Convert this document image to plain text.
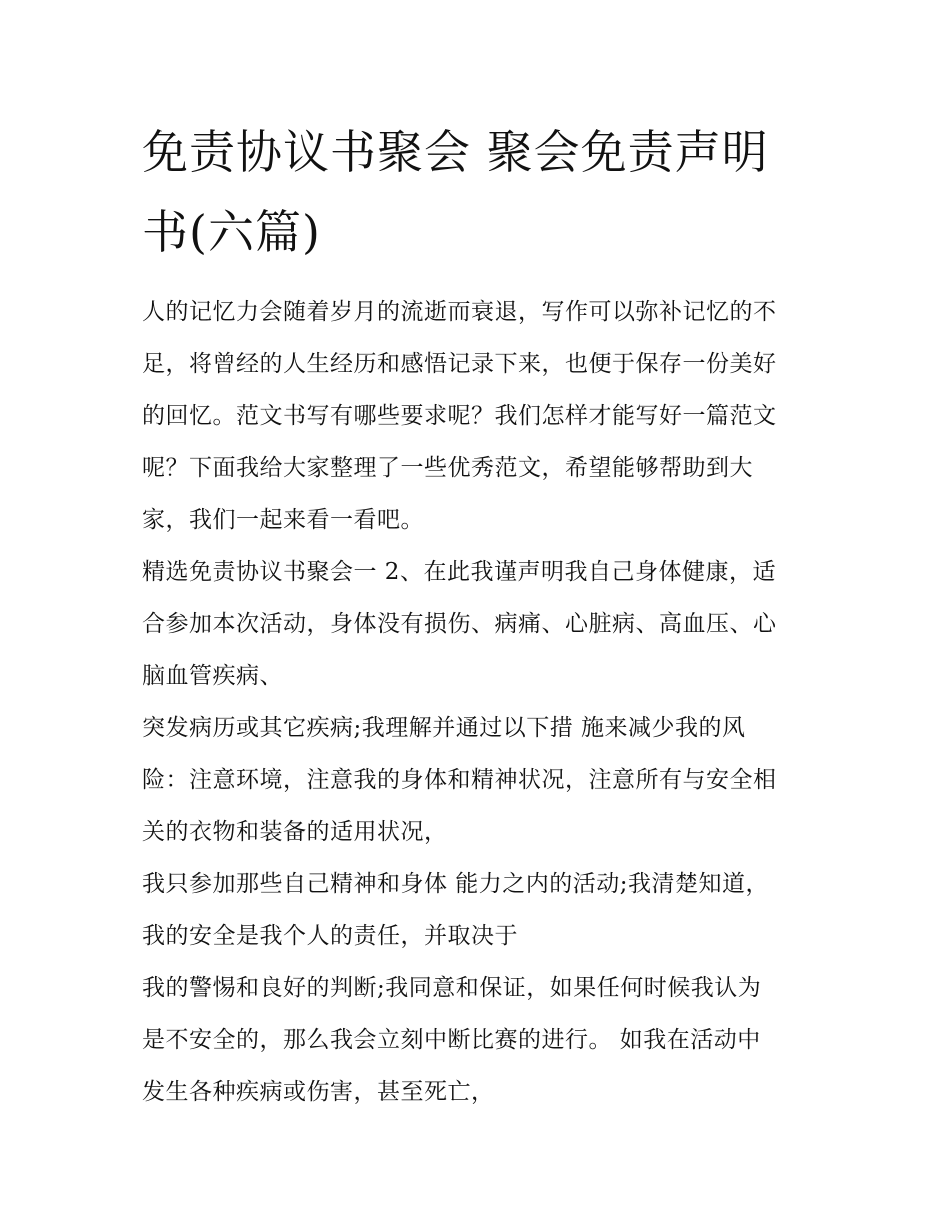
免责协议书聚会 聚会免责声明
书(六篇)
人的记忆力会随着岁月的流逝而衰退，写作可以弥补记忆的不
足，将曾经的人生经历和感悟记录下来，也便于保存一份美好
的回忆。范文书写有哪些要求呢？我们怎样才能写好一篇范文
呢？下面我给大家整理了一些优秀范文，希望能够帮助到大
家，我们一起来看一看吧。
精选免责协议书聚会一 2、在此我谨声明我自己身体健康，适
合参加本次活动，身体没有损伤、病痛、心脏病、高血压、心
脑血管疾病、
突发病历或其它疾病;我理解并通过以下措 施来减少我的风
险：注意环境，注意我的身体和精神状况，注意所有与安全相
关的衣物和装备的适用状况，
我只参加那些自己精神和身体 能力之内的活动;我清楚知道，
我的安全是我个人的责任，并取决于
我的警惕和良好的判断;我同意和保证，如果任何时候我认为
是不安全的，那么我会立刻中断比赛的进行。 如我在活动中
发生各种疾病或伤害，甚至死亡，
